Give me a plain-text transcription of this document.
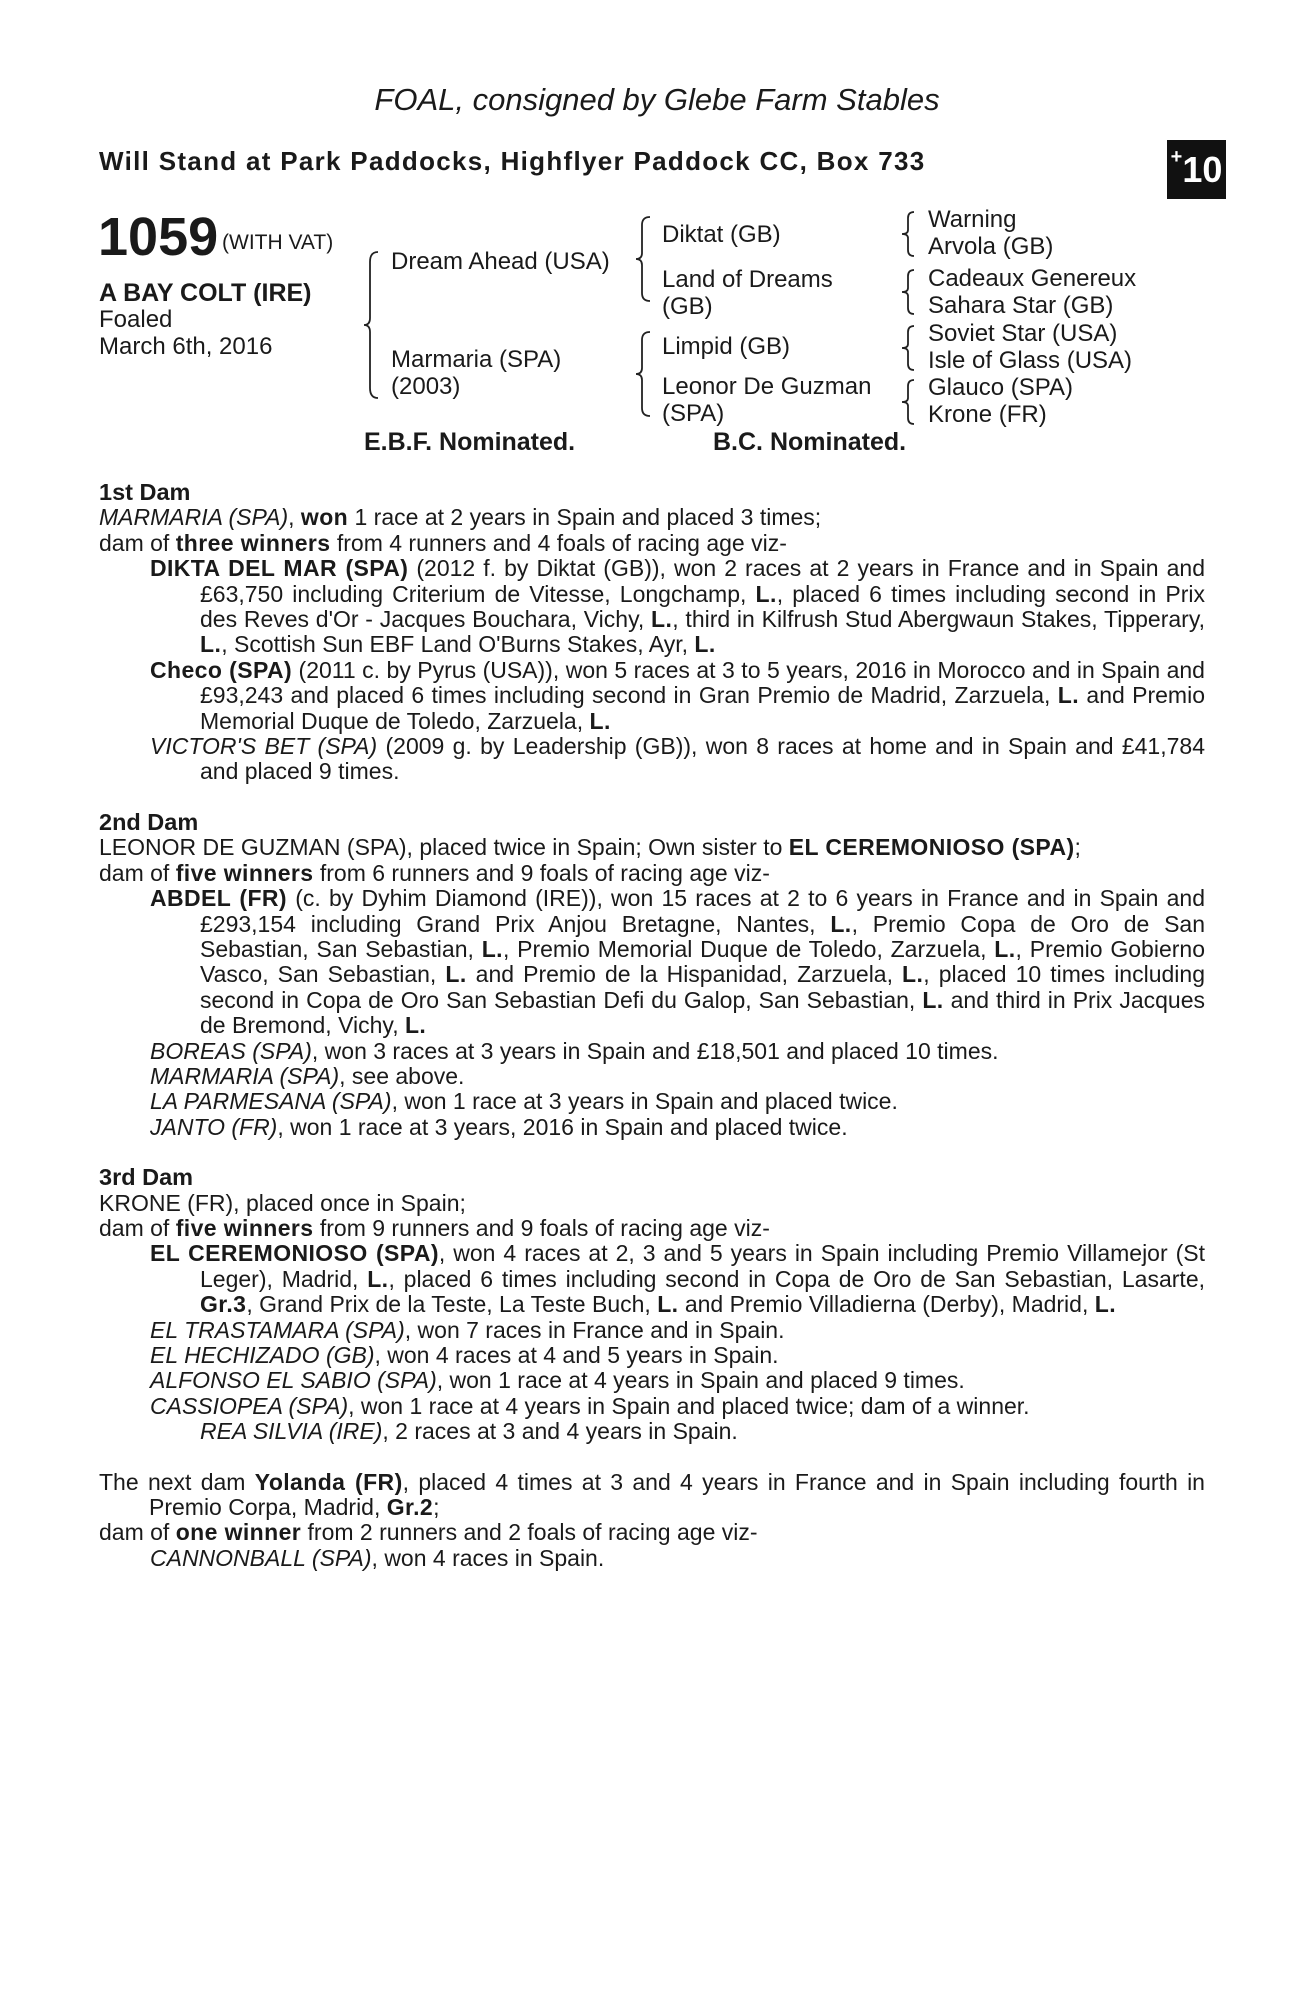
FOAL, consigned by Glebe Farm Stables
Will Stand at Park Paddocks, Highflyer Paddock CC, Box 733	+10
1059 (WITH VAT)
A BAY COLT (IRE)
Foaled
March 6th, 2016
Dream Ahead (USA)
Marmaria (SPA)
(2003)
Diktat (GB)
Land of Dreams
(GB)
Limpid (GB)
Leonor De Guzman
(SPA)
Warning
Arvola (GB)
Cadeaux Genereux
Sahara Star (GB)
Soviet Star (USA)
Isle of Glass (USA)
Glauco (SPA)
Krone (FR)
E.B.F. Nominated.	B.C. Nominated.
1st Dam

MARMARIA (SPA), won 1 race at 2 years in Spain and placed 3 times;

dam of three winners from 4 runners and 4 foals of racing age viz-

DIKTA DEL MAR (SPA) (2012 f. by Diktat (GB)), won 2 races at 2 years in France and in Spain and £63,750 including Criterium de Vitesse, Longchamp, L., placed 6 times including second in Prix des Reves d'Or - Jacques Bouchara, Vichy, L., third in Kilfrush Stud Abergwaun Stakes, Tipperary, L., Scottish Sun EBF Land O'Burns Stakes, Ayr, L.

Checo (SPA) (2011 c. by Pyrus (USA)), won 5 races at 3 to 5 years, 2016 in Morocco and in Spain and £93,243 and placed 6 times including second in Gran Premio de Madrid, Zarzuela, L. and Premio Memorial Duque de Toledo, Zarzuela, L.

VICTOR'S BET (SPA) (2009 g. by Leadership (GB)), won 8 races at home and in Spain and £41,784 and placed 9 times.

2nd Dam

LEONOR DE GUZMAN (SPA), placed twice in Spain; Own sister to EL CEREMONIOSO (SPA);

dam of five winners from 6 runners and 9 foals of racing age viz-

ABDEL (FR) (c. by Dyhim Diamond (IRE)), won 15 races at 2 to 6 years in France and in Spain and £293,154 including Grand Prix Anjou Bretagne, Nantes, L., Premio Copa de Oro de San Sebastian, San Sebastian, L., Premio Memorial Duque de Toledo, Zarzuela, L., Premio Gobierno Vasco, San Sebastian, L. and Premio de la Hispanidad, Zarzuela, L., placed 10 times including second in Copa de Oro San Sebastian Defi du Galop, San Sebastian, L. and third in Prix Jacques de Bremond, Vichy, L.

BOREAS (SPA), won 3 races at 3 years in Spain and £18,501 and placed 10 times.

MARMARIA (SPA), see above.

LA PARMESANA (SPA), won 1 race at 3 years in Spain and placed twice.

JANTO (FR), won 1 race at 3 years, 2016 in Spain and placed twice.

3rd Dam

KRONE (FR), placed once in Spain;

dam of five winners from 9 runners and 9 foals of racing age viz-

EL CEREMONIOSO (SPA), won 4 races at 2, 3 and 5 years in Spain including Premio Villamejor (St Leger), Madrid, L., placed 6 times including second in Copa de Oro de San Sebastian, Lasarte, Gr.3, Grand Prix de la Teste, La Teste Buch, L. and Premio Villadierna (Derby), Madrid, L.

EL TRASTAMARA (SPA), won 7 races in France and in Spain.

EL HECHIZADO (GB), won 4 races at 4 and 5 years in Spain.

ALFONSO EL SABIO (SPA), won 1 race at 4 years in Spain and placed 9 times.

CASSIOPEA (SPA), won 1 race at 4 years in Spain and placed twice; dam of a winner.

REA SILVIA (IRE), 2 races at 3 and 4 years in Spain.

The next dam Yolanda (FR), placed 4 times at 3 and 4 years in France and in Spain including fourth in Premio Corpa, Madrid, Gr.2;

dam of one winner from 2 runners and 2 foals of racing age viz-

CANNONBALL (SPA), won 4 races in Spain.
